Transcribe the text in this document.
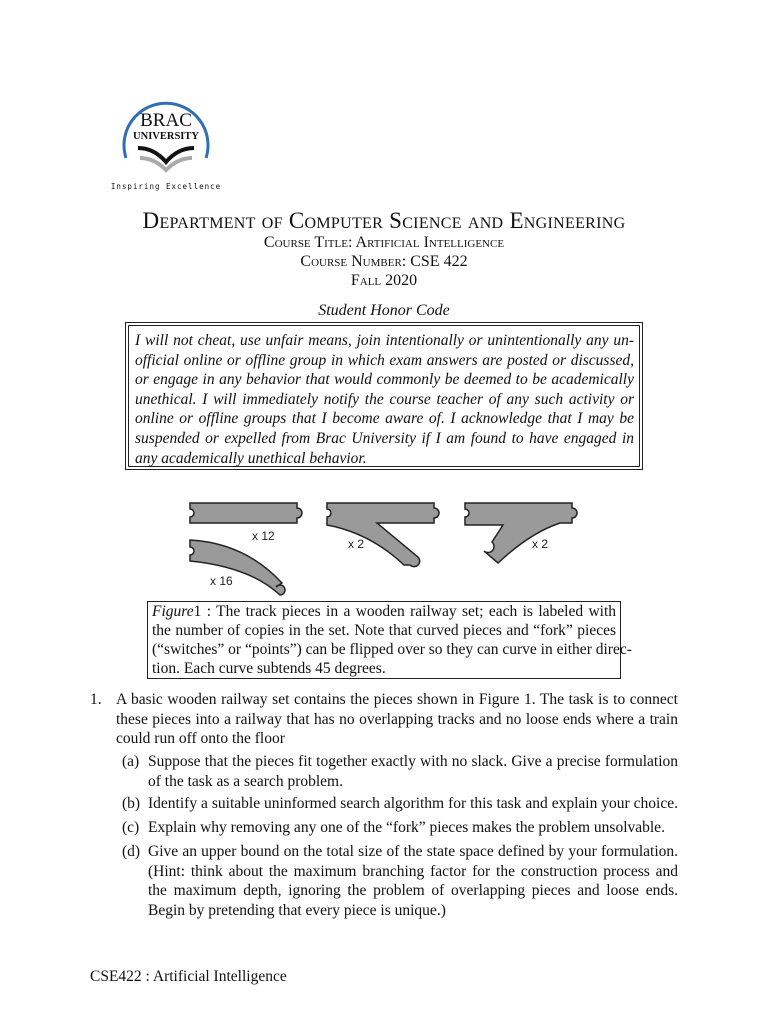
BRAC
UNIVERSITY
Inspiring Excellence
Department of Computer Science and Engineering
Course Title: Artificial Intelligence
Course Number: CSE 422
Fall 2020
Student Honor Code
I will not cheat, use unfair means, join intentionally or unintentionally any un-
official online or offline group in which exam answers are posted or discussed,
or engage in any behavior that would commonly be deemed to be academically
unethical. I will immediately notify the course teacher of any such activity or
online or offline groups that I become aware of. I acknowledge that I may be
suspended or expelled from Brac University if I am found to have engaged in
any academically unethical behavior.
x 12
x 2	x 2
x 16
Figure1 : The track pieces in a wooden railway set; each is labeled with
the number of copies in the set. Note that curved pieces and “fork” pieces
(“switches” or “points”) can be flipped over so they can curve in either direc-
tion. Each curve subtends 45 degrees.
1. A basic wooden railway set contains the pieces shown in Figure 1. The task is to connect
these pieces into a railway that has no overlapping tracks and no loose ends where a train
could run off onto the floor
(a) Suppose that the pieces fit together exactly with no slack. Give a precise formulation
of the task as a search problem.
(b) Identify a suitable uninformed search algorithm for this task and explain your choice.
(c) Explain why removing any one of the “fork” pieces makes the problem unsolvable.
(d) Give an upper bound on the total size of the state space defined by your formulation.
(Hint: think about the maximum branching factor for the construction process and
the maximum depth, ignoring the problem of overlapping pieces and loose ends.
Begin by pretending that every piece is unique.)
CSE422 : Artificial Intelligence
